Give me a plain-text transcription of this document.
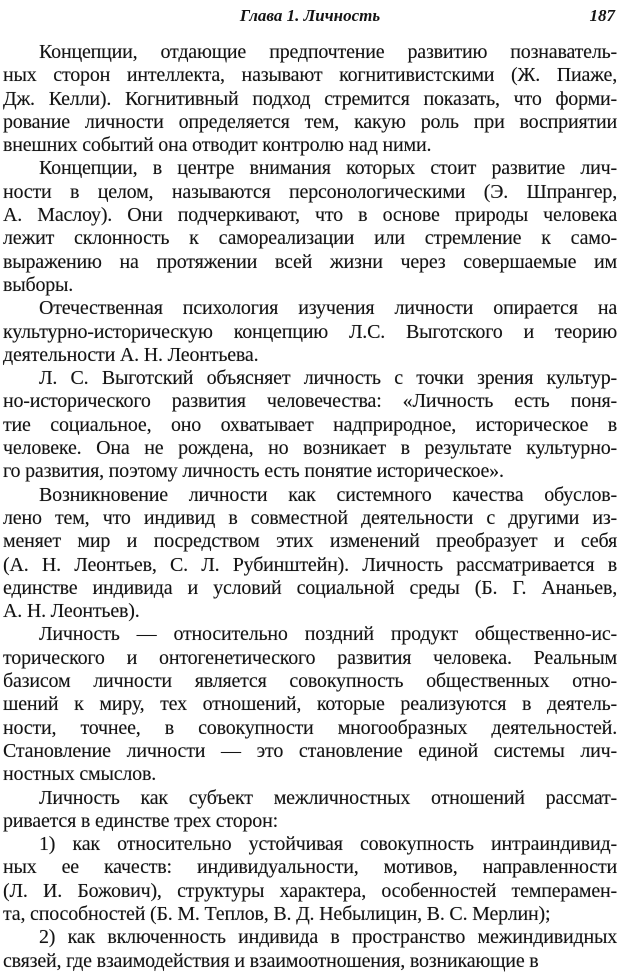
Глава 1. Личность	187
Концепции, отдающие предпочтение развитию познаватель-
ных сторон интеллекта, называют когнитивистскими (Ж. Пиаже,
Дж. Келли). Когнитивный подход стремится показать, что форми-
рование личности определяется тем, какую роль при восприятии
внешних событий она отводит контролю над ними.
Концепции, в центре внимания которых стоит развитие лич-
ности в целом, называются персонологическими (Э. Шпрангер,
А. Маслоу). Они подчеркивают, что в основе природы человека
лежит склонность к самореализации или стремление к само-
выражению на протяжении всей жизни через совершаемые им
выборы.
Отечественная психология изучения личности опирается на
культурно-историческую концепцию Л.С. Выготского и теорию
деятельности А. Н. Леонтьева.
Л. С. Выготский объясняет личность с точки зрения культур-
но-исторического развития человечества: «Личность есть поня-
тие социальное, оно охватывает надприродное, историческое в
человеке. Она не рождена, но возникает в результате культурно-
го развития, поэтому личность есть понятие историческое».
Возникновение личности как системного качества обуслов-
лено тем, что индивид в совместной деятельности с другими из-
меняет мир и посредством этих изменений преобразует и себя
(А. Н. Леонтьев, С. Л. Рубинштейн). Личность рассматривается в
единстве индивида и условий социальной среды (Б. Г. Ананьев,
А. Н. Леонтьев).
Личность — относительно поздний продукт общественно-ис-
торического и онтогенетического развития человека. Реальным
базисом личности является совокупность общественных отно-
шений к миру, тех отношений, которые реализуются в деятель-
ности, точнее, в совокупности многообразных деятельностей.
Становление личности — это становление единой системы лич-
ностных смыслов.
Личность как субъект межличностных отношений рассмат-
ривается в единстве трех сторон:
1) как относительно устойчивая совокупность интраиндивид-
ных ее качеств: индивидуальности, мотивов, направленности
(Л. И. Божович), структуры характера, особенностей темперамен-
та, способностей (Б. М. Теплов, В. Д. Небылицин, В. С. Мерлин);
2) как включенность индивида в пространство межиндивидных
связей, где взаимодействия и взаимоотношения, возникающие в
